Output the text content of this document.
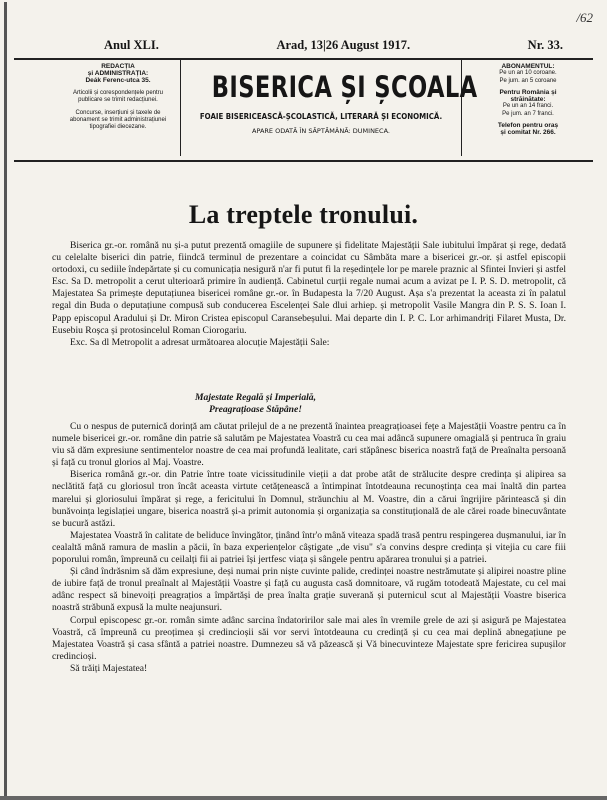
/62
Anul XLI.	Arad, 13|26 August 1917.	Nr. 33.
REDACȚIA
și ADMINISTRAȚIA:
Deák Ferenc-utca 35.
Articolii și corespondențele pentru publicare se trimit redacțiunei.
Concurse, inserțiuni și taxele de abonament se trimit administrațiunei tipografiei diecezane.
BISERICA ȘI ȘCOALA
FOAIE BISERICEASCĂ-ȘCOLASTICĂ, LITERARĂ ȘI ECONOMICĂ.
APARE ODATĂ ÎN SĂPTĂMÂNĂ: DUMINECA.
ABONAMENTUL:
Pe un an 10 coroane.
Pe jum. an 5 coroane
Pentru România și
străinătate:
Pe un an 14 franci.
Pe jum. an 7 franci.
Telefon pentru oraș
și comitat Nr. 266.
La treptele tronului.

Biserica gr.-or. română nu și-a putut prezentă omagiile de supunere și fidelitate Majestății Sale iubitului împărat și rege, dedată cu celelalte biserici din patrie, fiindcă terminul de prezentare a coincidat cu Sâmbăta mare a bisericei gr.-or. și astfel episcopii ortodoxi, cu sediile îndepărtate și cu comunicația nesigură n'ar fi putut fi la reședințele lor pe marele praznic al Sfintei Invieri și astfel Esc. Sa D. metropolit a cerut ulterioară primire în audiență. Cabinetul curții regale numai acum a avizat pe I. P. S. D. metropolit, că Majestatea Sa primește deputațiunea bisericei române gr.-or. în Budapesta la 7/20 August. Așa s'a prezentat la aceasta zi în palatul regal din Buda o deputațiune compusă sub conducerea Escelenței Sale dlui arhiep. și metropolit Vasile Mangra din P. S. S. Ioan I. Papp episcopul Aradului și Dr. Miron Cristea episcopul Caransebeșului. Mai departe din I. P. C. Lor arhimandriți Filaret Musta, Dr. Eusebiu Roșca și protosincelul Roman Ciorogariu.

Exc. Sa dl Metropolit a adresat următoarea alocuție Majestății Sale:

Majestate Regală și Imperială,
Preagrațioase Stăpâne!

Cu o nespus de puternică dorință am căutat prilejul de a ne prezentă înaintea preagrațioasei fețe a Majestății Voastre pentru ca în numele bisericei gr.-or. române din patrie să salutăm pe Majestatea Voastră cu cea mai adâncă supunere omagială și pentruca în graiu viu să dăm expresiune sentimentelor noastre de cea mai profundă lealitate, cari stăpânesc biserica noastră față de Preaînalta persoană și față cu tronul glorios al Maj. Voastre.

Biserica română gr.-or. din Patrie între toate vicissitudinile vieții a dat probe atât de strălucite despre credința și alipirea sa neclătită față cu gloriosul tron încât aceasta virtute cetățenească a întimpinat întotdeauna recunoștința cea mai înaltă din partea marelui și gloriosului împărat și rege, a fericitului în Domnul, străunchiu al M. Voastre, din a cărui îngrijire părintească și din bunăvoința legislației ungare, biserica noastră și-a primit autonomia și organizația sa constituțională de ale cărei roade binecuvântate se bucură astăzi.

Majestatea Voastră în calitate de beliduce învingător, ținând într'o mână viteaza spadă trasă pentru respingerea dușmanului, iar în cealaltă mână ramura de maslin a păcii, în baza experiențelor câștigate „de visu" s'a convins despre credința și vitejia cu care fiii poporului român, împreună cu ceilalți fii ai patriei își jertfesc viața și sângele pentru apărarea tronului și a patriei.

Și când îndrăsnim să dăm expresiune, deși numai prin niște cuvinte palide, credinței noastre nestrămutate și alipirei noastre pline de iubire față de tronul preaînalt al Majestății Voastre și față cu augusta casă domnitoare, vă rugăm totodeată Majestate, cu cel mai adânc respect să binevoiți preagrațios a împărtăși de prea înalta grație suverană și puternicul scut al Majestății Voastre biserica noastră străbună expusă la multe neajunsuri.

Corpul episcopesc gr.-or. român simte adânc sarcina îndatoririlor sale mai ales în vremile grele de azi și asigură pe Majestatea Voastră, că împreună cu preoțimea și credincioșii săi vor servi întotdeauna cu credință și cu cea mai deplină abnegațiune pe Majestatea Voastră și casa sfântă a patriei noastre. Dumnezeu să vă păzească și Vă binecuvinteze Majestate spre fericirea supușilor credincioși.

Să trăiți Majestatea!
